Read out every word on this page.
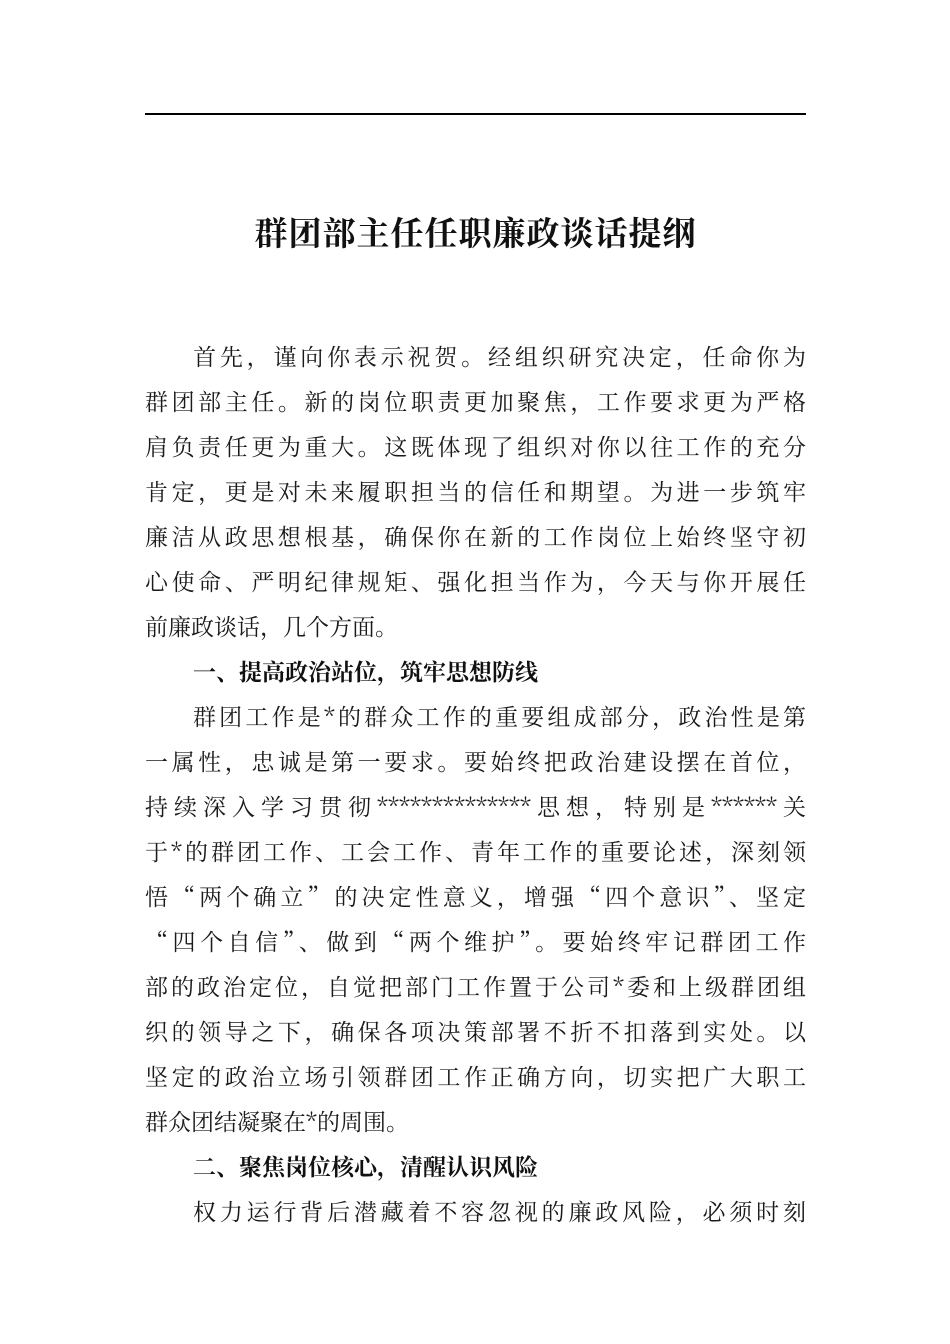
群团部主任任职廉政谈话提纲
首先，谨向你表示祝贺。经组织研究决定，任命你为
群团部主任。新的岗位职责更加聚焦，工作要求更为严格
肩负责任更为重大。这既体现了组织对你以往工作的充分
肯定，更是对未来履职担当的信任和期望。为进一步筑牢
廉洁从政思想根基，确保你在新的工作岗位上始终坚守初
心使命、严明纪律规矩、强化担当作为，今天与你开展任
前廉政谈话，几个方面。
一、提高政治站位，筑牢思想防线
群团工作是*的群众工作的重要组成部分，政治性是第
一属性，忠诚是第一要求。要始终把政治建设摆在首位，
持续深入学习贯彻**************思想，特别是******关
于*的群团工作、工会工作、青年工作的重要论述，深刻领
悟“两个确立”的决定性意义，增强“四个意识”、坚定
“四个自信”、做到“两个维护”。要始终牢记群团工作
部的政治定位，自觉把部门工作置于公司*委和上级群团组
织的领导之下，确保各项决策部署不折不扣落到实处。以
坚定的政治立场引领群团工作正确方向，切实把广大职工
群众团结凝聚在*的周围。
二、聚焦岗位核心，清醒认识风险
权力运行背后潜藏着不容忽视的廉政风险，必须时刻
